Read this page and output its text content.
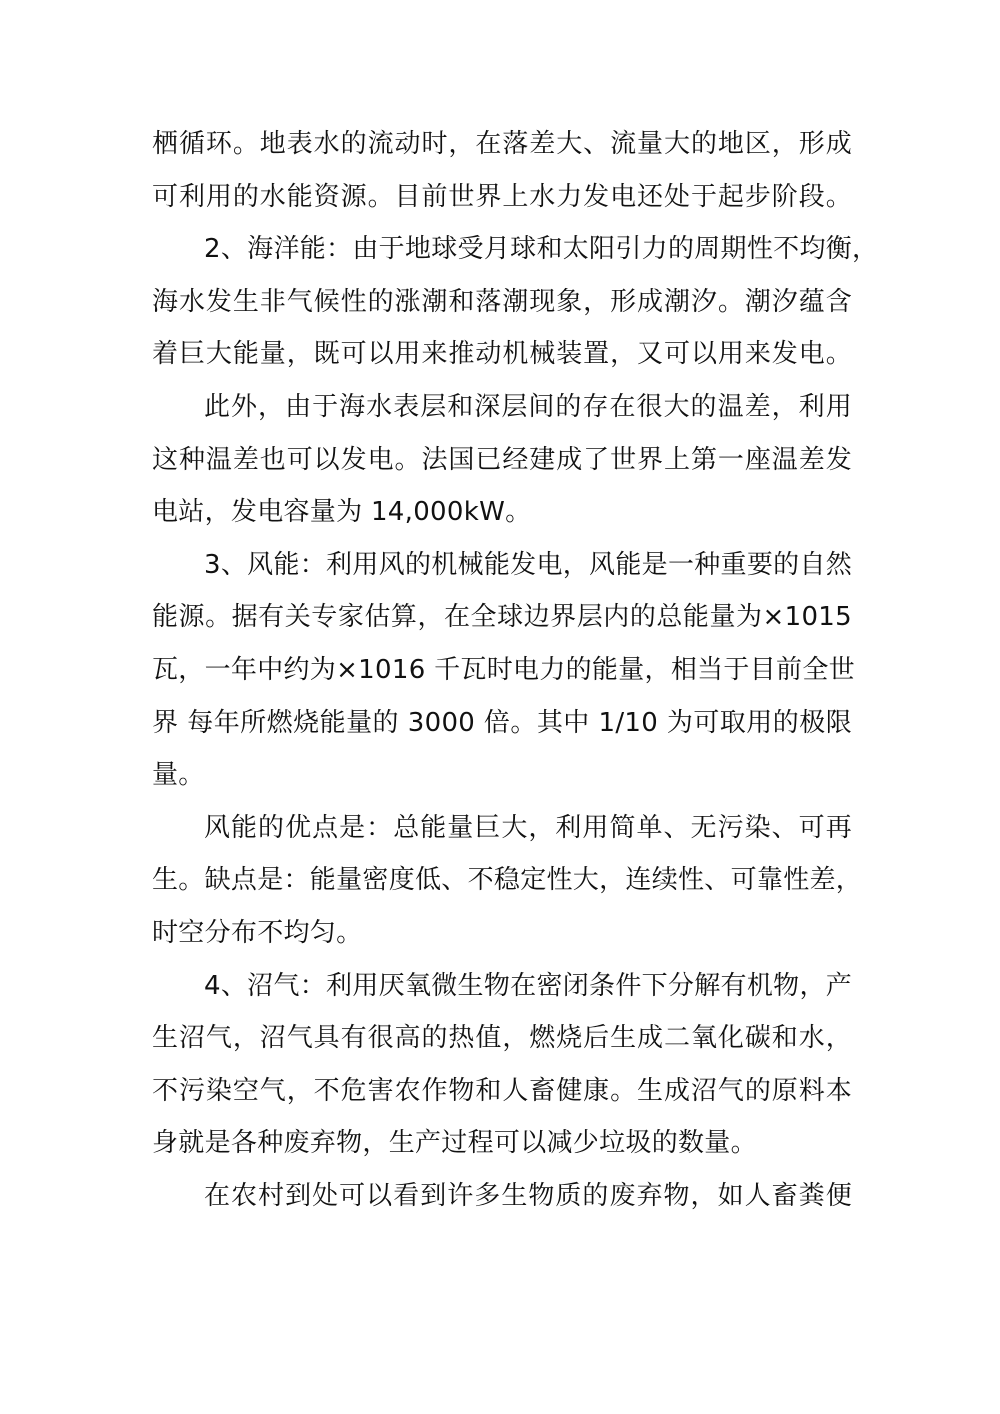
栖循环。地表水的流动时，在落差大、流量大的地区，形成
可利用的水能资源。目前世界上水力发电还处于起步阶段。
2、海洋能：由于地球受月球和太阳引力的周期性不均衡，
海水发生非气候性的涨潮和落潮现象，形成潮汐。潮汐蕴含
着巨大能量，既可以用来推动机械装置，又可以用来发电。
此外，由于海水表层和深层间的存在很大的温差，利用
这种温差也可以发电。法国已经建成了世界上第一座温差发
电站，发电容量为 14,000kW。
3、风能：利用风的机械能发电，风能是一种重要的自然
能源。据有关专家估算，在全球边界层内的总能量为×1015
瓦，一年中约为×1016 千瓦时电力的能量，相当于目前全世
界 每年所燃烧能量的 3000 倍。其中 1/10 为可取用的极限
量。
风能的优点是：总能量巨大，利用简单、无污染、可再
生。缺点是：能量密度低、不稳定性大，连续性、可靠性差，
时空分布不均匀。
4、沼气：利用厌氧微生物在密闭条件下分解有机物，产
生沼气，沼气具有很高的热值，燃烧后生成二氧化碳和水，
不污染空气，不危害农作物和人畜健康。生成沼气的原料本
身就是各种废弃物，生产过程可以减少垃圾的数量。
在农村到处可以看到许多生物质的废弃物，如人畜粪便
